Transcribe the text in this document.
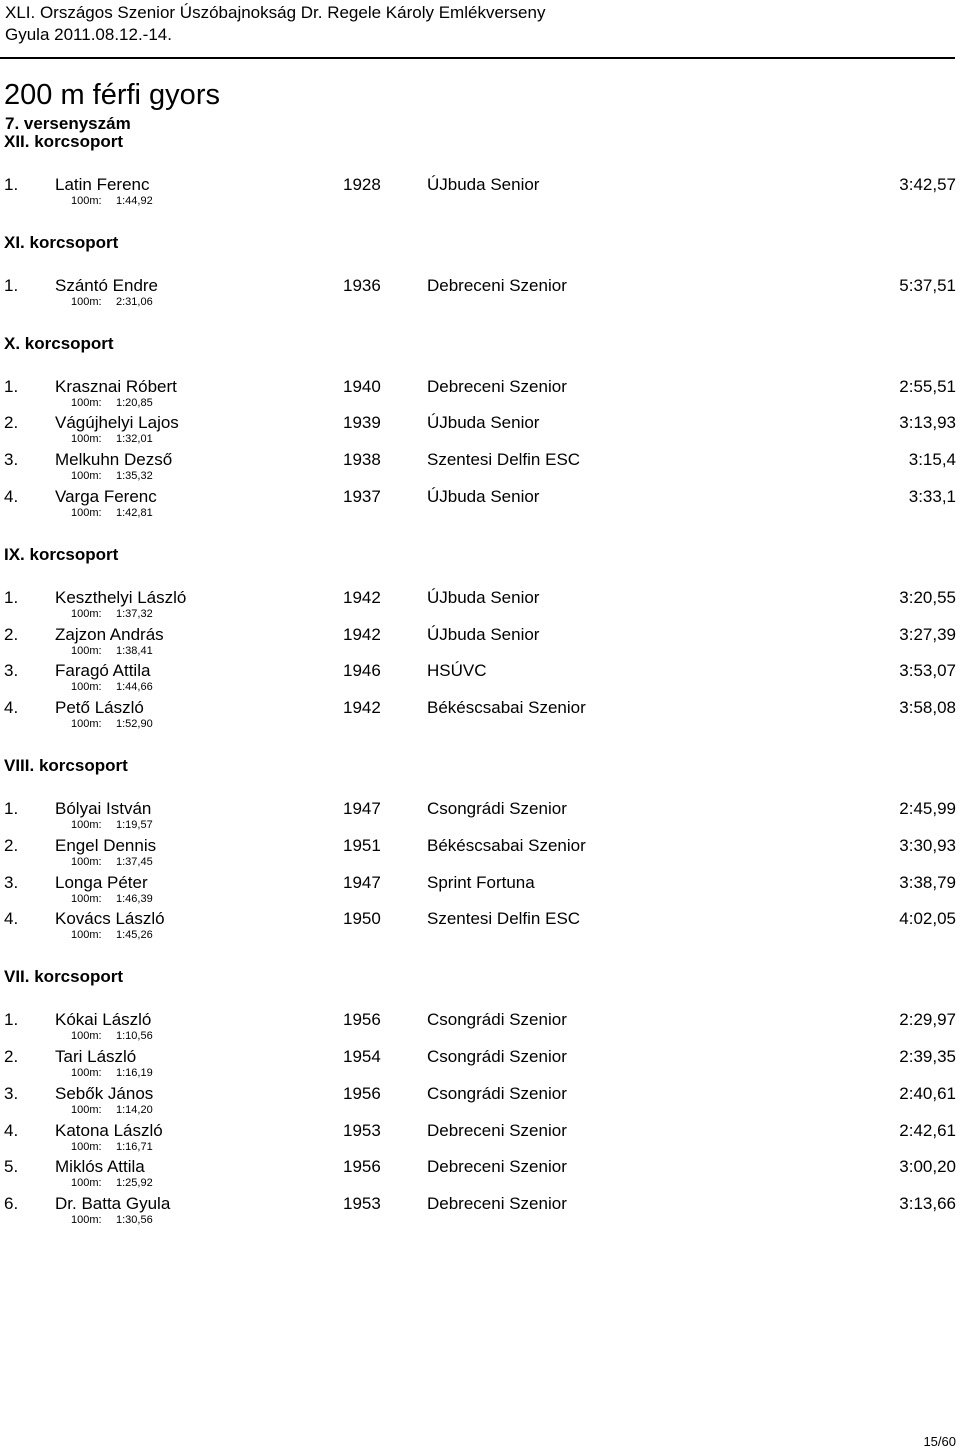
XLI. Országos Szenior Úszóbajnokság Dr. Regele Károly Emlékverseny
Gyula 2011.08.12.-14.
200 m férfi gyors
7. versenyszám
XII. korcsoport
1. Latin Ferenc	1928	ÚJbuda Senior	3:42,57
100m: 1:44,92
XI. korcsoport
1. Szántó Endre	1936	Debreceni Szenior	5:37,51
100m: 2:31,06
X. korcsoport
1. Krasznai Róbert	1940	Debreceni Szenior	2:55,51
100m: 1:20,85
2. Vágújhelyi Lajos	1939	ÚJbuda Senior	3:13,93
100m: 1:32,01
3. Melkuhn Dezső	1938	Szentesi Delfin ESC	3:15,4
100m: 1:35,32
4. Varga Ferenc	1937	ÚJbuda Senior	3:33,1
100m: 1:42,81
IX. korcsoport
1. Keszthelyi László	1942	ÚJbuda Senior	3:20,55
100m: 1:37,32
2. Zajzon András	1942	ÚJbuda Senior	3:27,39
100m: 1:38,41
3. Faragó Attila	1946	HSÚVC	3:53,07
100m: 1:44,66
4. Pető László	1942	Békéscsabai Szenior	3:58,08
100m: 1:52,90
VIII. korcsoport
1. Bólyai István	1947	Csongrádi Szenior	2:45,99
100m: 1:19,57
2. Engel Dennis	1951	Békéscsabai Szenior	3:30,93
100m: 1:37,45
3. Longa Péter	1947	Sprint Fortuna	3:38,79
100m: 1:46,39
4. Kovács László	1950	Szentesi Delfin ESC	4:02,05
100m: 1:45,26
VII. korcsoport
1. Kókai László	1956	Csongrádi Szenior	2:29,97
100m: 1:10,56
2. Tari László	1954	Csongrádi Szenior	2:39,35
100m: 1:16,19
3. Sebők János	1956	Csongrádi Szenior	2:40,61
100m: 1:14,20
4. Katona László	1953	Debreceni Szenior	2:42,61
100m: 1:16,71
5. Miklós Attila	1956	Debreceni Szenior	3:00,20
100m: 1:25,92
6. Dr. Batta Gyula	1953	Debreceni Szenior	3:13,66
100m: 1:30,56
15/60
